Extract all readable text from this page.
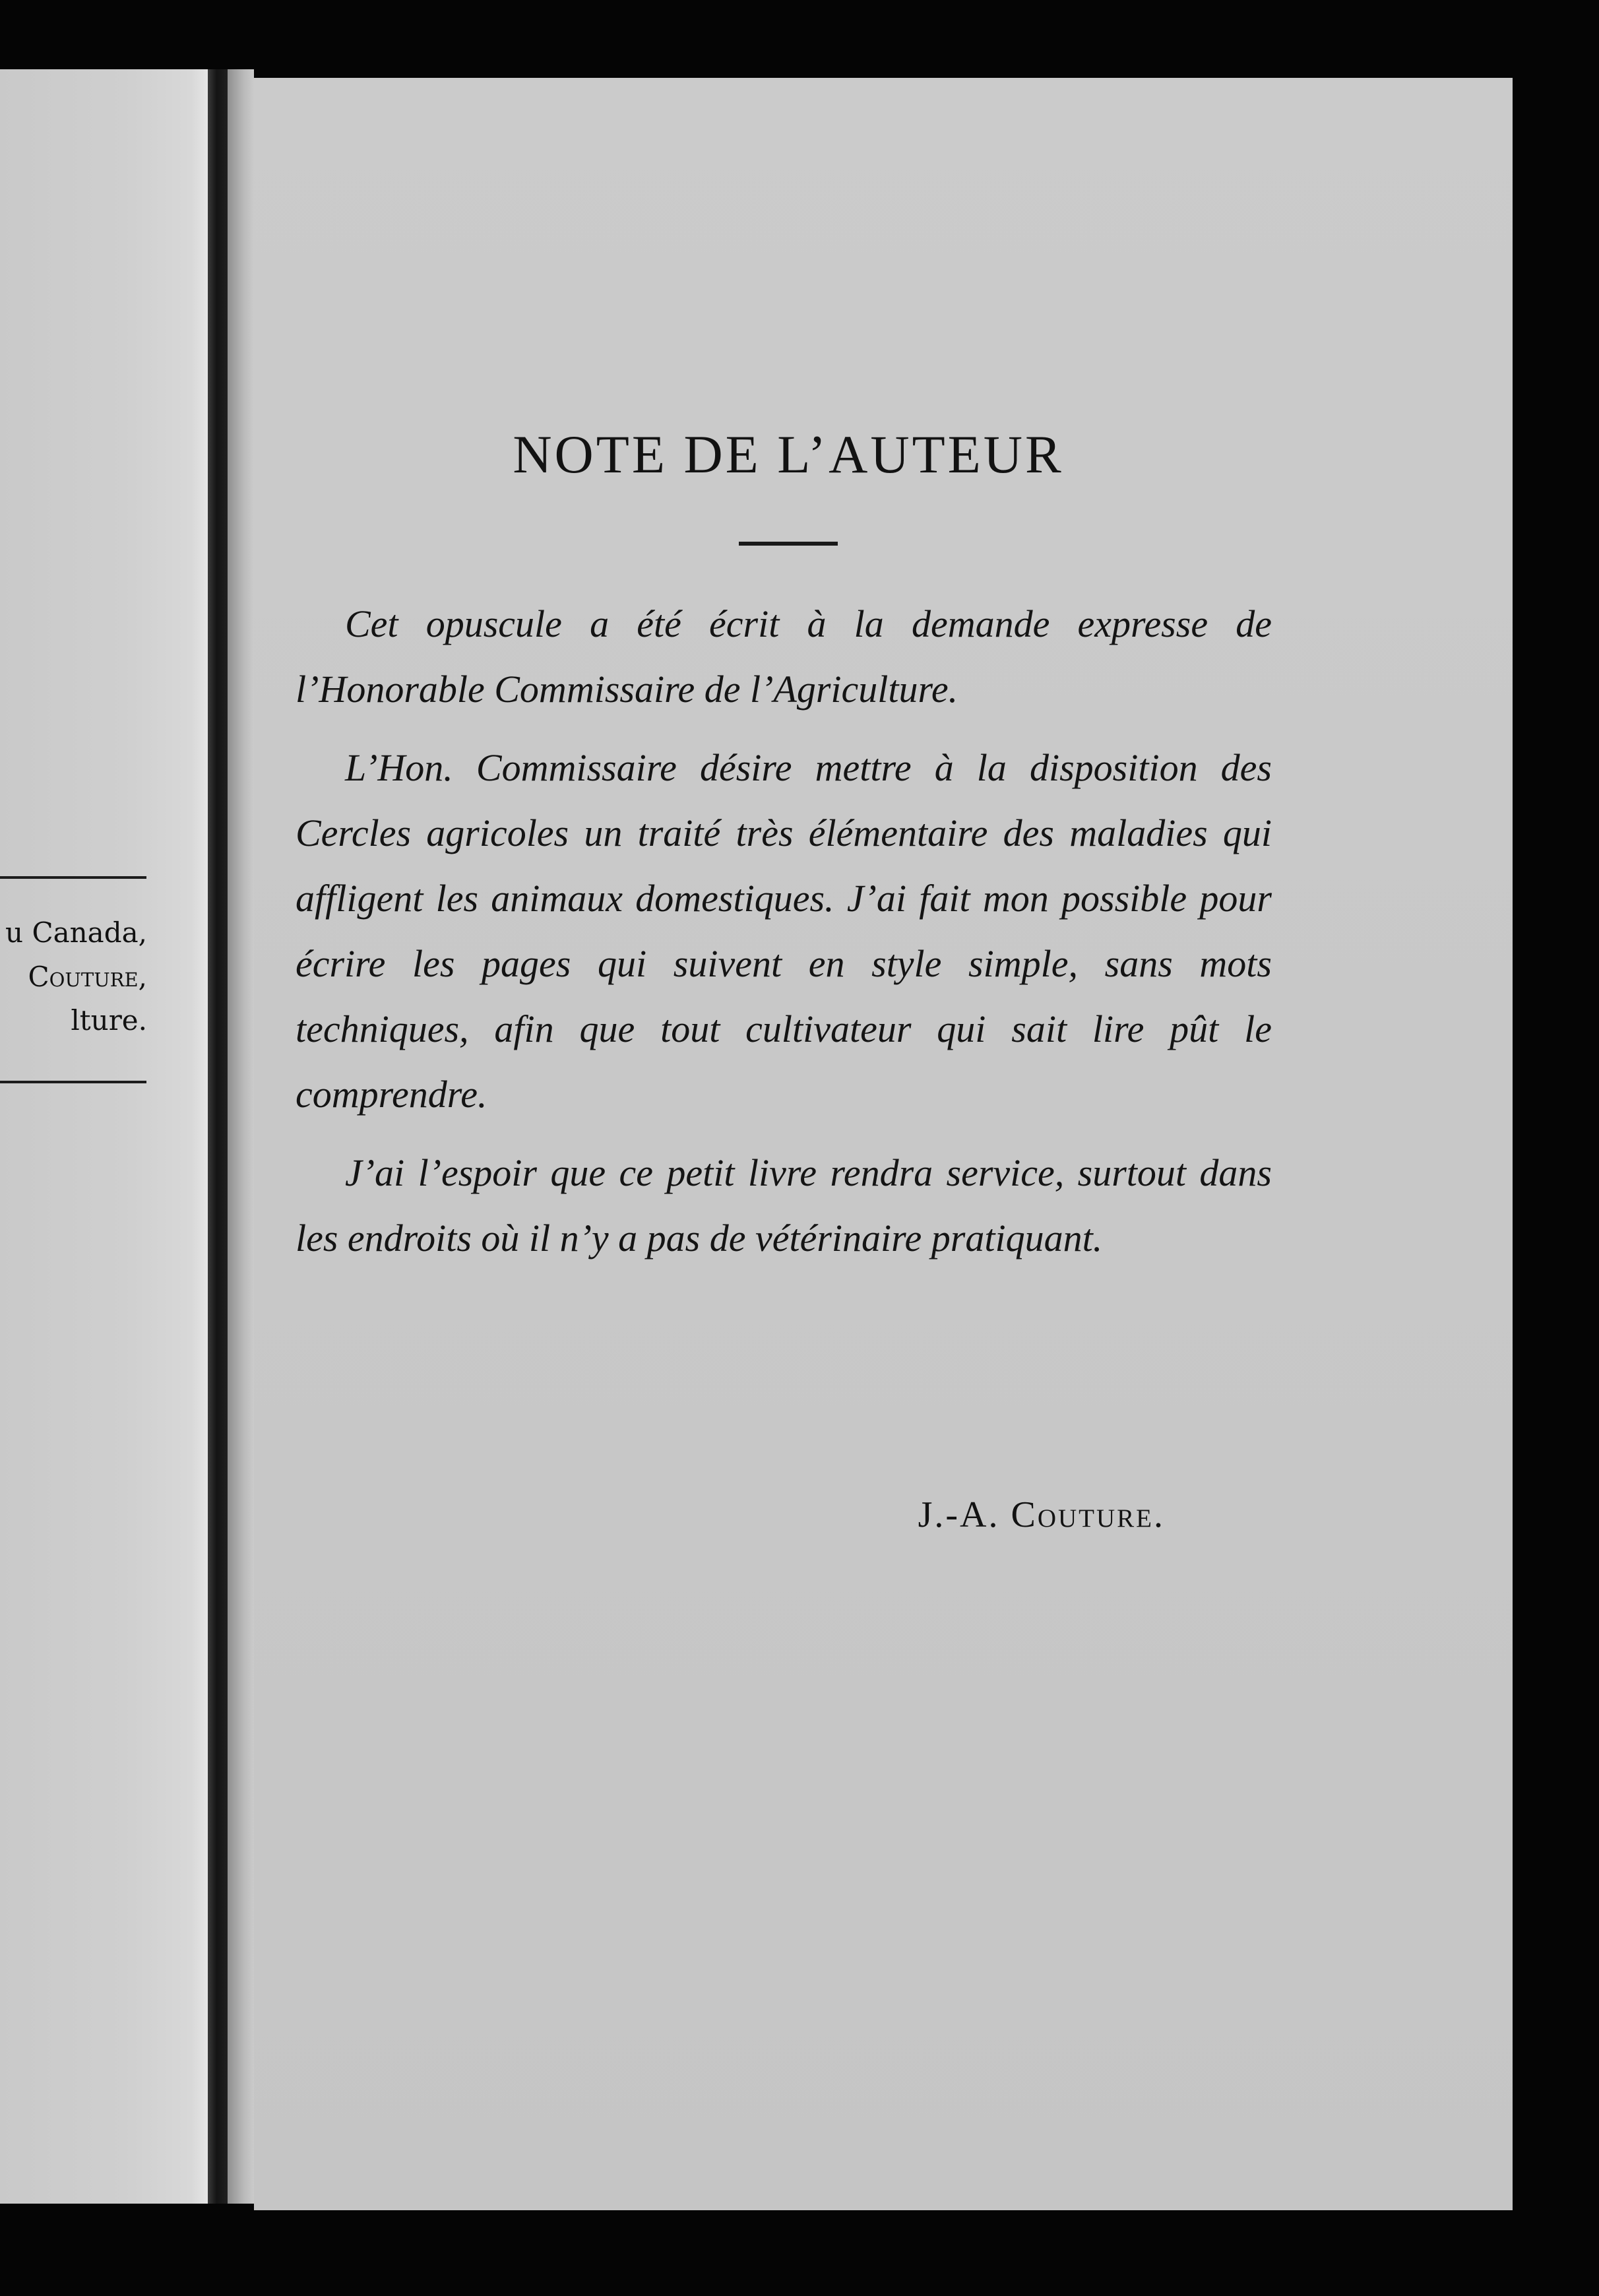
u Canada,
Couture,
lture.
NOTE DE L’AUTEUR

Cet opuscule a été écrit à la demande expresse de l’Honorable Commissaire de l’Agriculture.

L’Hon. Commissaire désire mettre à la disposition des Cercles agricoles un traité très élémentaire des maladies qui affligent les animaux domestiques. J’ai fait mon possible pour écrire les pages qui suivent en style simple, sans mots techniques, afin que tout cultivateur qui sait lire pût le comprendre.

J’ai l’espoir que ce petit livre rendra service, surtout dans les endroits où il n’y a pas de vétérinaire pratiquant.

J.-A. Couture.
